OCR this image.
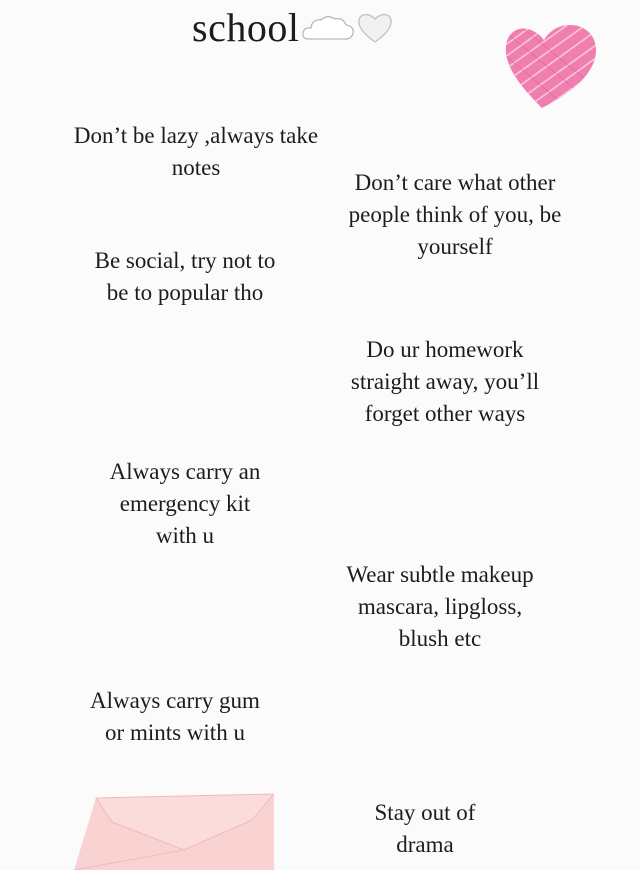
school
Don’t be lazy ,always take
notes
Don’t care what other
people think of you, be
yourself
Be social, try not to
be to popular tho
Do ur homework
straight away, you’ll
forget other ways
Always carry an
emergency kit
with u
Wear subtle makeup
mascara, lipgloss,
blush etc
Always carry gum
or mints with u
Stay out of
drama
